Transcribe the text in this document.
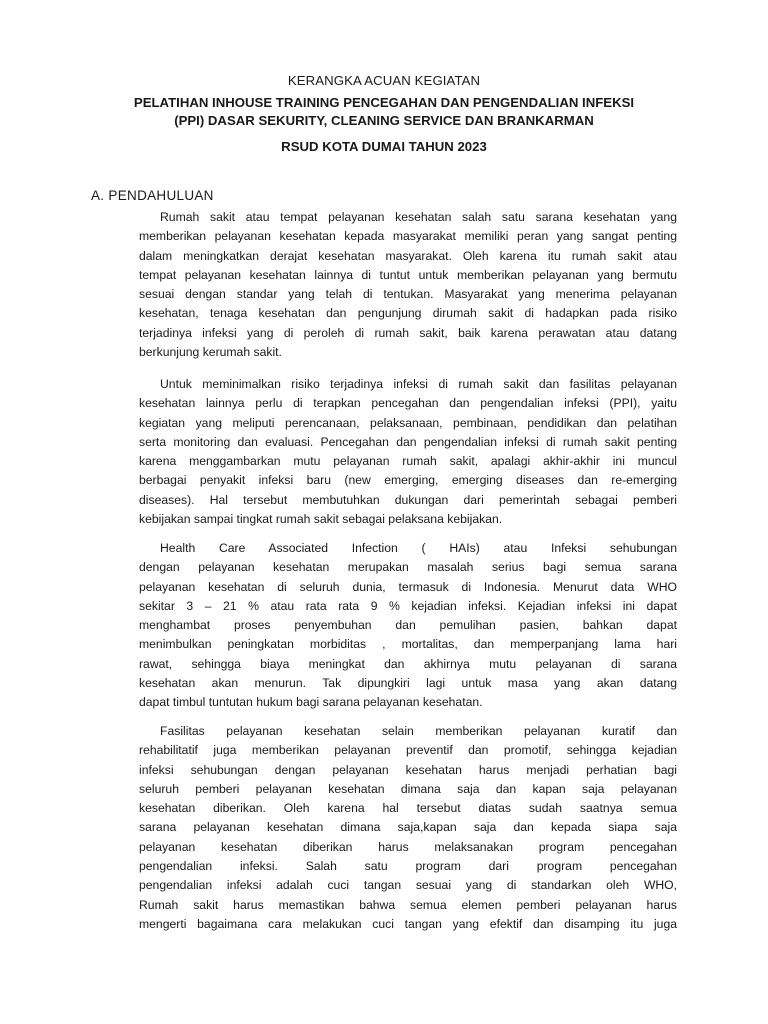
KERANGKA ACUAN KEGIATAN
PELATIHAN INHOUSE TRAINING PENCEGAHAN DAN PENGENDALIAN INFEKSI
(PPI) DASAR SEKURITY, CLEANING SERVICE DAN BRANKARMAN
RSUD KOTA DUMAI TAHUN 2023
A. PENDAHULUAN
Rumah sakit atau tempat pelayanan kesehatan salah satu sarana kesehatan yang
memberikan pelayanan kesehatan kepada masyarakat memiliki peran yang sangat penting
dalam meningkatkan derajat kesehatan masyarakat. Oleh karena itu rumah sakit atau
tempat pelayanan kesehatan lainnya di tuntut untuk memberikan pelayanan yang bermutu
sesuai dengan standar yang telah di tentukan. Masyarakat yang menerima pelayanan
kesehatan, tenaga kesehatan dan pengunjung dirumah sakit di hadapkan pada risiko
terjadinya infeksi yang di peroleh di rumah sakit, baik karena perawatan atau datang
berkunjung kerumah sakit.
Untuk meminimalkan risiko terjadinya infeksi di rumah sakit dan fasilitas pelayanan
kesehatan lainnya perlu di terapkan pencegahan dan pengendalian infeksi (PPI), yaitu
kegiatan yang meliputi perencanaan, pelaksanaan, pembinaan, pendidikan dan pelatihan
serta monitoring dan evaluasi. Pencegahan dan pengendalian infeksi di rumah sakit penting
karena menggambarkan mutu pelayanan rumah sakit, apalagi akhir-akhir ini muncul
berbagai penyakit infeksi baru (new emerging, emerging diseases dan re-emerging
diseases). Hal tersebut membutuhkan dukungan dari pemerintah sebagai pemberi
kebijakan sampai tingkat rumah sakit sebagai pelaksana kebijakan.
Health Care Associated Infection ( HAIs) atau Infeksi sehubungan
dengan pelayanan kesehatan merupakan masalah serius bagi semua sarana
pelayanan kesehatan di seluruh dunia, termasuk di Indonesia. Menurut data WHO
sekitar 3 – 21 % atau rata rata 9 % kejadian infeksi. Kejadian infeksi ini dapat
menghambat proses penyembuhan dan pemulihan pasien, bahkan dapat
menimbulkan peningkatan morbiditas , mortalitas, dan memperpanjang lama hari
rawat, sehingga biaya meningkat dan akhirnya mutu pelayanan di sarana
kesehatan akan menurun. Tak dipungkiri lagi untuk masa yang akan datang
dapat timbul tuntutan hukum bagi sarana pelayanan kesehatan.
Fasilitas pelayanan kesehatan selain memberikan pelayanan kuratif dan
rehabilitatif juga memberikan pelayanan preventif dan promotif, sehingga kejadian
infeksi sehubungan dengan pelayanan kesehatan harus menjadi perhatian bagi
seluruh pemberi pelayanan kesehatan dimana saja dan kapan saja pelayanan
kesehatan diberikan. Oleh karena hal tersebut diatas sudah saatnya semua
sarana pelayanan kesehatan dimana saja,kapan saja dan kepada siapa saja
pelayanan kesehatan diberikan harus melaksanakan program pencegahan
pengendalian infeksi. Salah satu program dari program pencegahan
pengendalian infeksi adalah cuci tangan sesuai yang di standarkan oleh WHO,
Rumah sakit harus memastikan bahwa semua elemen pemberi pelayanan harus
mengerti bagaimana cara melakukan cuci tangan yang efektif dan disamping itu juga
